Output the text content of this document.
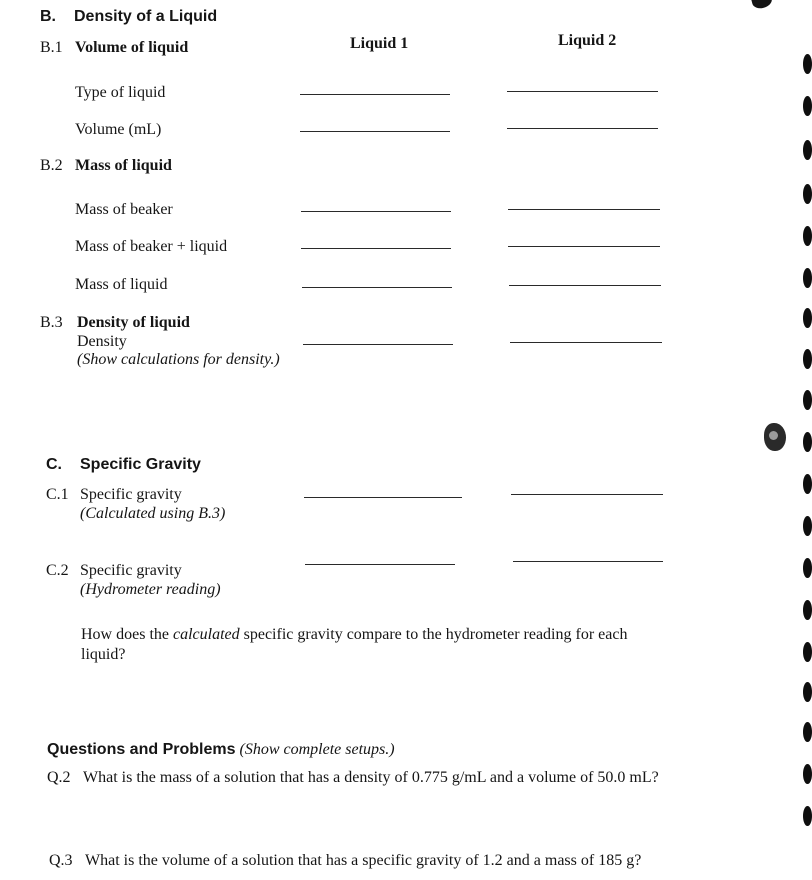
B. Density of a Liquid
Liquid 1	Liquid 2
B.1 Volume of liquid
Type of liquid
Volume (mL)
B.2 Mass of liquid
Mass of beaker
Mass of beaker + liquid
Mass of liquid
B.3 Density of liquid
Density
(Show calculations for density.)
C. Specific Gravity
C.1 Specific gravity
(Calculated using B.3)
C.2 Specific gravity
(Hydrometer reading)
How does the calculated specific gravity compare to the hydrometer reading for each
liquid?
Questions and Problems (Show complete setups.)
Q.2 What is the mass of a solution that has a density of 0.775 g/mL and a volume of 50.0 mL?
Q.3 What is the volume of a solution that has a specific gravity of 1.2 and a mass of 185 g?
